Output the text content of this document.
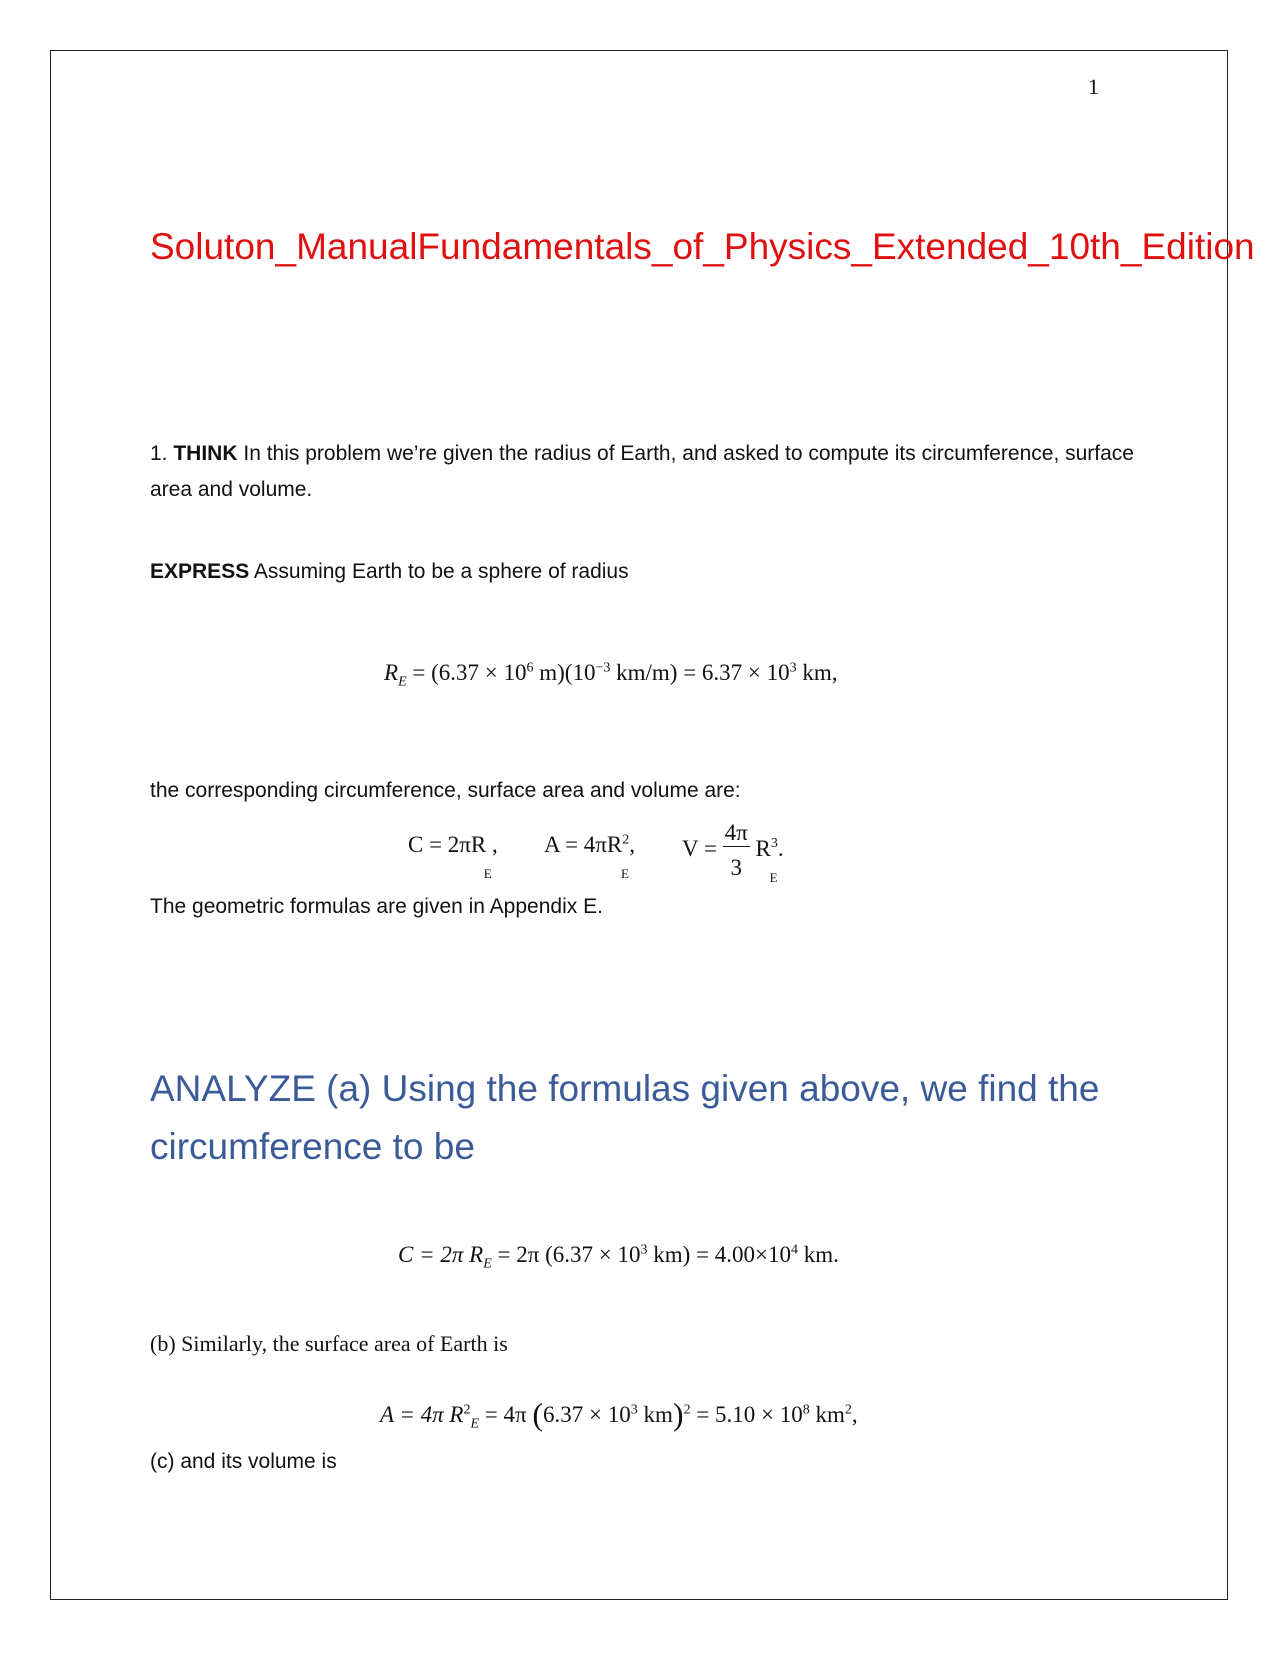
1
Soluton_ManualFundamentals_of_Physics_Extended_10th_Edition
1. THINK In this problem we’re given the radius of Earth, and asked to compute its circumference, surface area and volume.
EXPRESS Assuming Earth to be a sphere of radius
$R_E = (6.37 \times 10^6$ $m)(10^{-3}$ $km/m) = 6.37 \times 10^3$ km,
the corresponding circumference, surface area and volume are:
C = 2πR $,_E$
$A = 4\pi R^2,_E$
$V = \frac{4\pi}{3} R^3._E$
The geometric formulas are given in Appendix E.
ANALYZE (a) Using the formulas given above, we find the circumference to be
C = 2π $R_E = 2\pi$ ($6.37 \times 10^3$ $km) = 4.00\times 10^4$ km.
(b) Similarly, the surface area of Earth is
A = 4π $R^2_E = 4\pi$ ($6.37 \times 10^3$ $km)^2 = 5.10 \times 10^8$ $km^2$,
(c) and its volume is
